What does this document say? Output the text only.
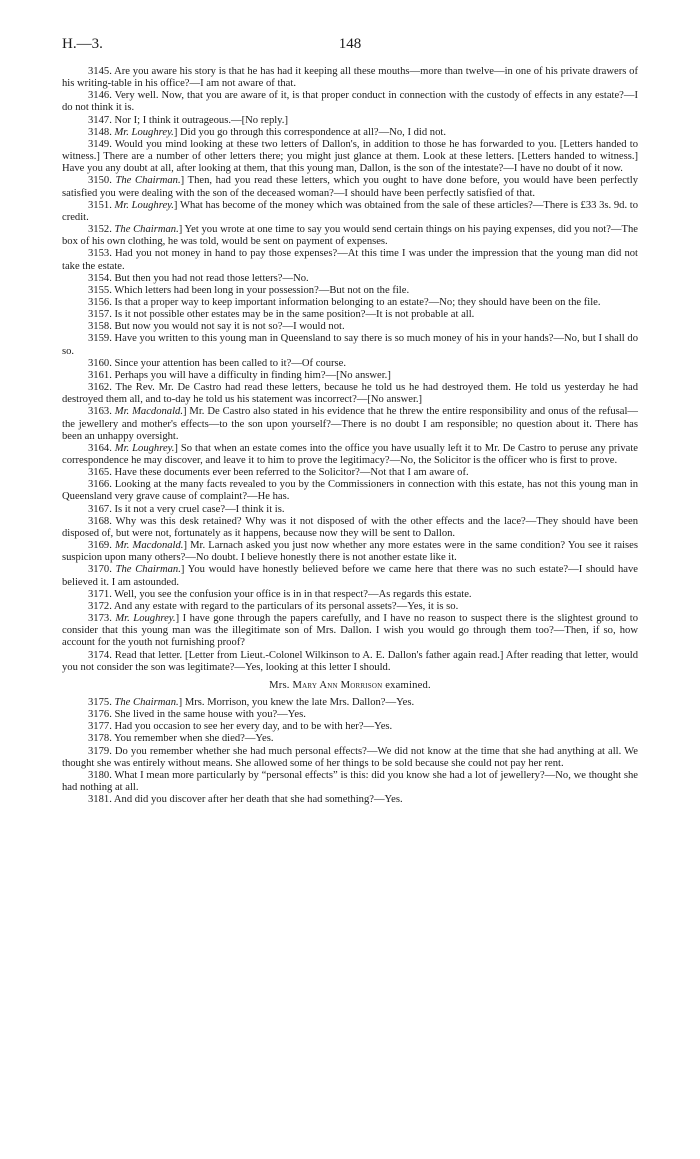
H.—3.	148

3145. Are you aware his story is that he has had it keeping all these mouths—more than twelve—in one of his private drawers of his writing-table in his office?—I am not aware of that.

3146. Very well. Now, that you are aware of it, is that proper conduct in connection with the custody of effects in any estate?—I do not think it is.

3147. Nor I; I think it outrageous.—[No reply.]

3148. Mr. Loughrey.] Did you go through this correspondence at all?—No, I did not.

3149. Would you mind looking at these two letters of Dallon's, in addition to those he has forwarded to you. [Letters handed to witness.] There are a number of other letters there; you might just glance at them. Look at these letters. [Letters handed to witness.] Have you any doubt at all, after looking at them, that this young man, Dallon, is the son of the intestate?—I have no doubt of it now.

3150. The Chairman.] Then, had you read these letters, which you ought to have done before, you would have been perfectly satisfied you were dealing with the son of the deceased woman?—I should have been perfectly satisfied of that.

3151. Mr. Loughrey.] What has become of the money which was obtained from the sale of these articles?—There is £33 3s. 9d. to credit.

3152. The Chairman.] Yet you wrote at one time to say you would send certain things on his paying expenses, did you not?—The box of his own clothing, he was told, would be sent on payment of expenses.

3153. Had you not money in hand to pay those expenses?—At this time I was under the impression that the young man did not take the estate.

3154. But then you had not read those letters?—No.

3155. Which letters had been long in your possession?—But not on the file.

3156. Is that a proper way to keep important information belonging to an estate?—No; they should have been on the file.

3157. Is it not possible other estates may be in the same position?—It is not probable at all.

3158. But now you would not say it is not so?—I would not.

3159. Have you written to this young man in Queensland to say there is so much money of his in your hands?—No, but I shall do so.

3160. Since your attention has been called to it?—Of course.

3161. Perhaps you will have a difficulty in finding him?—[No answer.]

3162. The Rev. Mr. De Castro had read these letters, because he told us he had destroyed them. He told us yesterday he had destroyed them all, and to-day he told us his statement was incorrect?—[No answer.]

3163. Mr. Macdonald.] Mr. De Castro also stated in his evidence that he threw the entire responsibility and onus of the refusal—the jewellery and mother's effects—to the son upon yourself?—There is no doubt I am responsible; no question about it. There has been an unhappy oversight.

3164. Mr. Loughrey.] So that when an estate comes into the office you have usually left it to Mr. De Castro to peruse any private correspondence he may discover, and leave it to him to prove the legitimacy?—No, the Solicitor is the officer who is first to prove.

3165. Have these documents ever been referred to the Solicitor?—Not that I am aware of.

3166. Looking at the many facts revealed to you by the Commissioners in connection with this estate, has not this young man in Queensland very grave cause of complaint?—He has.

3167. Is it not a very cruel case?—I think it is.

3168. Why was this desk retained? Why was it not disposed of with the other effects and the lace?—They should have been disposed of, but were not, fortunately as it happens, because now they will be sent to Dallon.

3169. Mr. Macdonald.] Mr. Larnach asked you just now whether any more estates were in the same condition? You see it raises suspicion upon many others?—No doubt. I believe honestly there is not another estate like it.

3170. The Chairman.] You would have honestly believed before we came here that there was no such estate?—I should have believed it. I am astounded.

3171. Well, you see the confusion your office is in in that respect?—As regards this estate.

3172. And any estate with regard to the particulars of its personal assets?—Yes, it is so.

3173. Mr. Loughrey.] I have gone through the papers carefully, and I have no reason to suspect there is the slightest ground to consider that this young man was the illegitimate son of Mrs. Dallon. I wish you would go through them too?—Then, if so, how account for the youth not furnishing proof?

3174. Read that letter. [Letter from Lieut.-Colonel Wilkinson to A. E. Dallon's father again read.] After reading that letter, would you not consider the son was legitimate?—Yes, looking at this letter I should.

Mrs. Mary Ann Morrison examined.

3175. The Chairman.] Mrs. Morrison, you knew the late Mrs. Dallon?—Yes.

3176. She lived in the same house with you?—Yes.

3177. Had you occasion to see her every day, and to be with her?—Yes.

3178. You remember when she died?—Yes.

3179. Do you remember whether she had much personal effects?—We did not know at the time that she had anything at all. We thought she was entirely without means. She allowed some of her things to be sold because she could not pay her rent.

3180. What I mean more particularly by “personal effects” is this: did you know she had a lot of jewellery?—No, we thought she had nothing at all.

3181. And did you discover after her death that she had something?—Yes.
